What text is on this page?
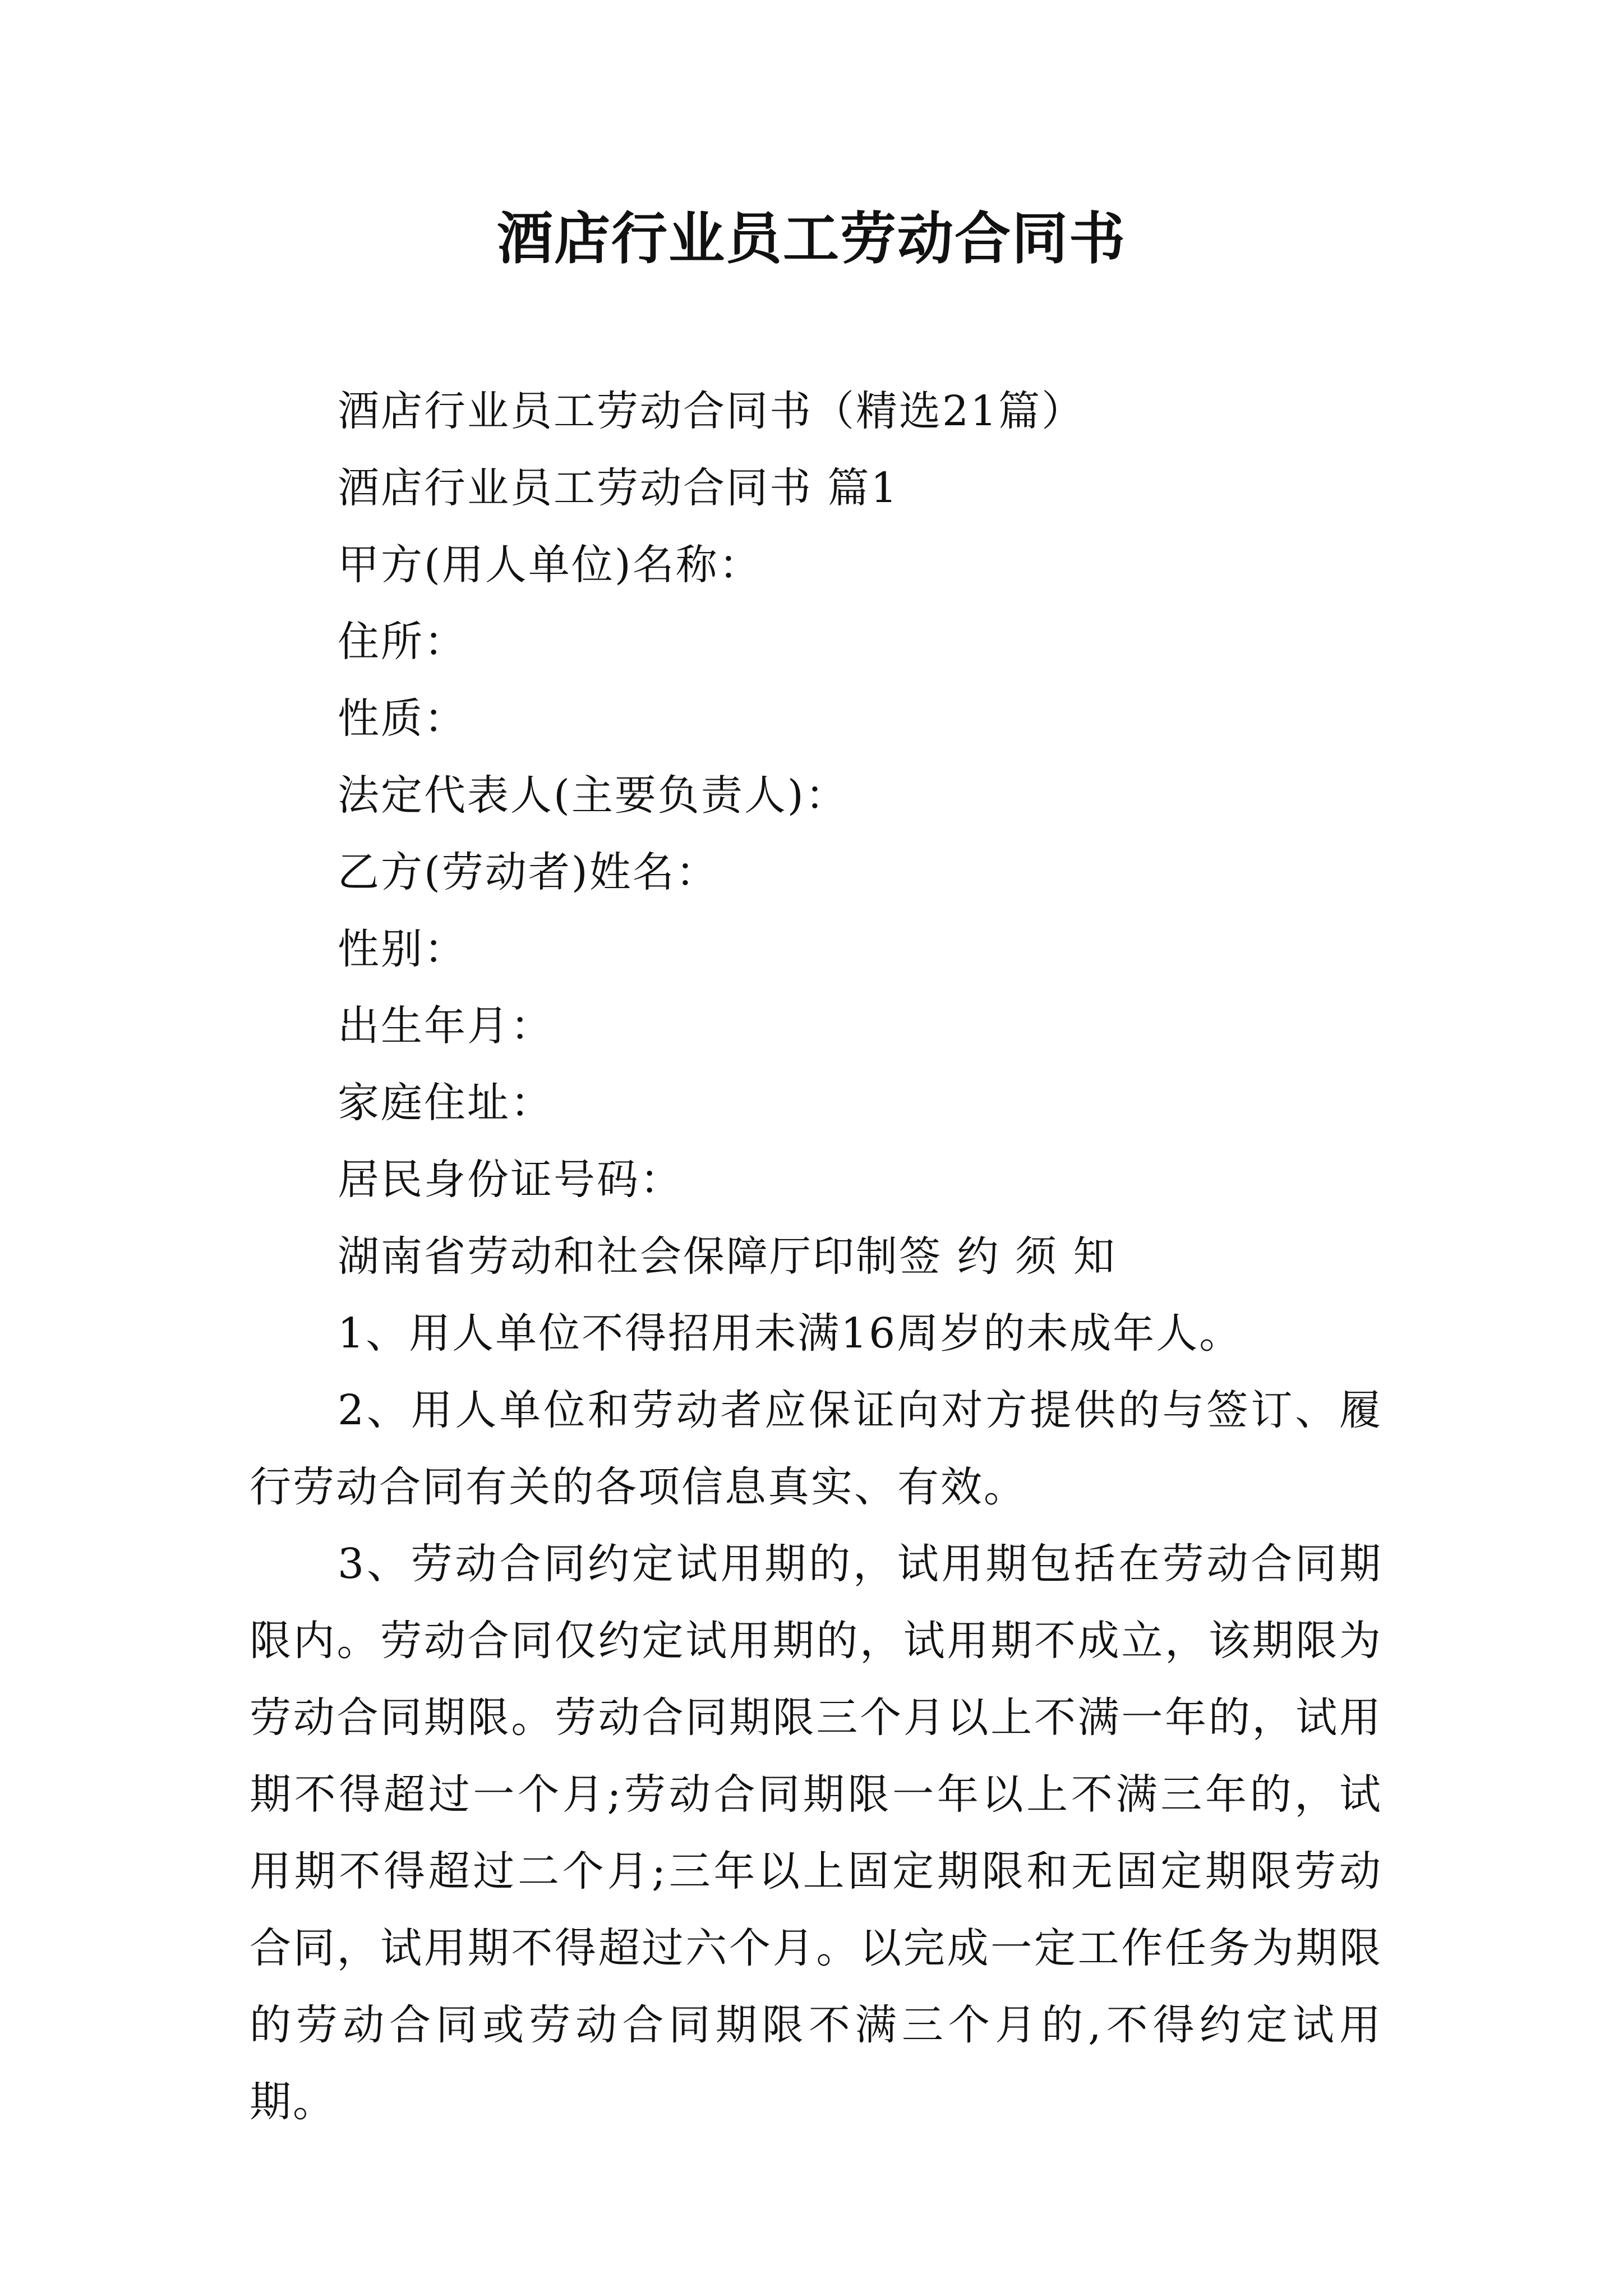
酒店行业员工劳动合同书
酒店行业员工劳动合同书（精选21篇）
酒店行业员工劳动合同书 篇1
甲方(用人单位)名称：
住所：
性质：
法定代表人(主要负责人)：
乙方(劳动者)姓名：
性别：
出生年月：
家庭住址：
居民身份证号码：
湖南省劳动和社会保障厅印制签 约 须 知
1、用人单位不得招用未满16周岁的未成年人。
2、用人单位和劳动者应保证向对方提供的与签订、履行劳动合同有关的各项信息真实、有效。
3、劳动合同约定试用期的，试用期包括在劳动合同期限内。劳动合同仅约定试用期的，试用期不成立，该期限为劳动合同期限。劳动合同期限三个月以上不满一年的，试用期不得超过一个月;劳动合同期限一年以上不满三年的，试用期不得超过二个月;三年以上固定期限和无固定期限劳动合同，试用期不得超过六个月。以完成一定工作任务为期限的劳动合同或劳动合同期限不满三个月的,不得约定试用期。
